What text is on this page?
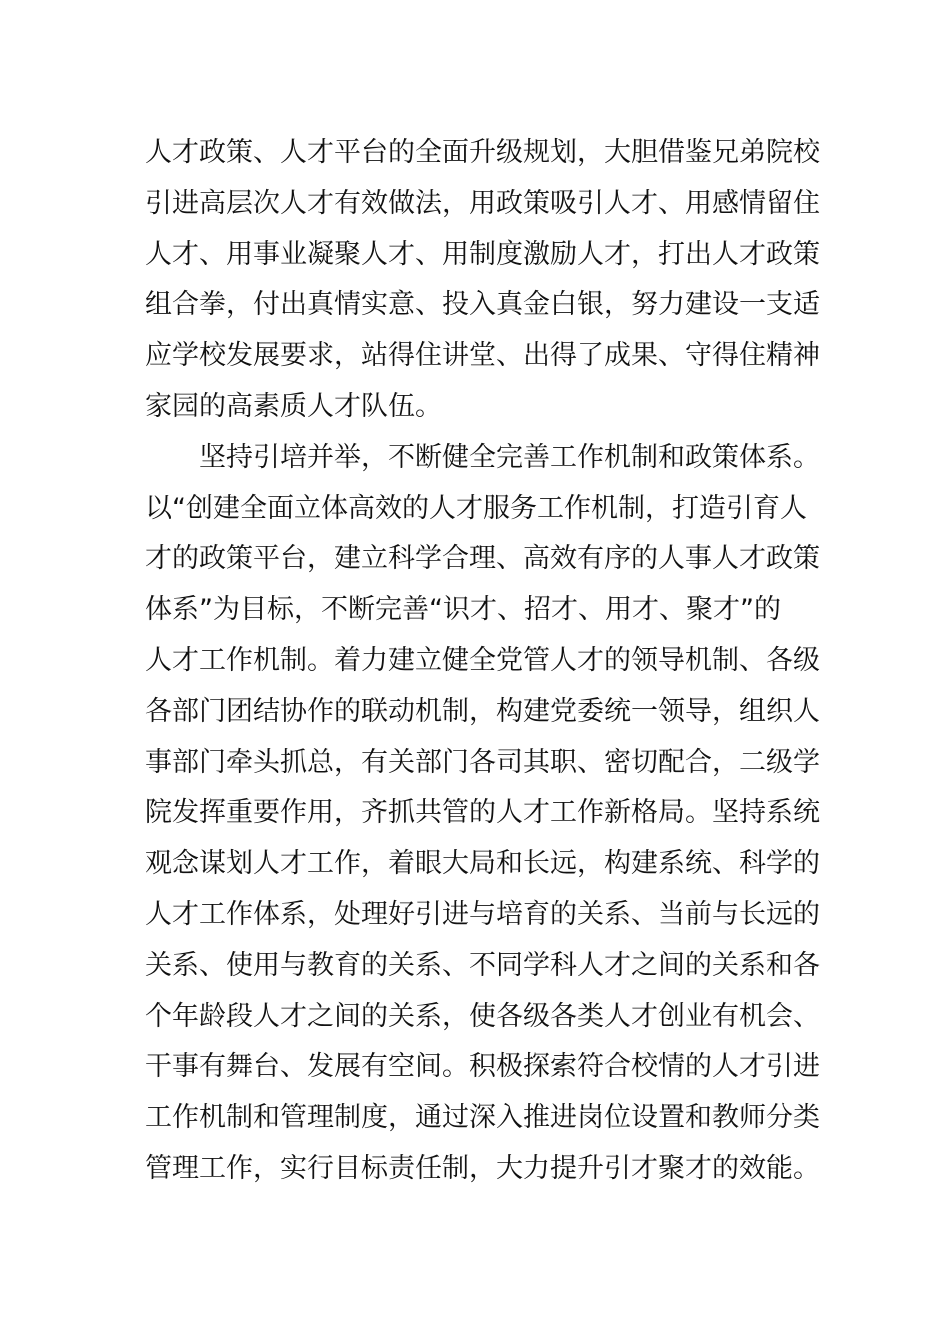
人才政策、人才平台的全面升级规划，大胆借鉴兄弟院校
引进高层次人才有效做法，用政策吸引人才、用感情留住
人才、用事业凝聚人才、用制度激励人才，打出人才政策
组合拳，付出真情实意、投入真金白银，努力建设一支适
应学校发展要求，站得住讲堂、出得了成果、守得住精神
家园的高素质人才队伍。
　　坚持引培并举，不断健全完善工作机制和政策体系。
以“创建全面立体高效的人才服务工作机制，打造引育人
才的政策平台，建立科学合理、高效有序的人事人才政策
体系”为目标，不断完善“识才、招才、用才、聚才”的
人才工作机制。着力建立健全党管人才的领导机制、各级
各部门团结协作的联动机制，构建党委统一领导，组织人
事部门牵头抓总，有关部门各司其职、密切配合，二级学
院发挥重要作用，齐抓共管的人才工作新格局。坚持系统
观念谋划人才工作，着眼大局和长远，构建系统、科学的
人才工作体系，处理好引进与培育的关系、当前与长远的
关系、使用与教育的关系、不同学科人才之间的关系和各
个年龄段人才之间的关系，使各级各类人才创业有机会、
干事有舞台、发展有空间。积极探索符合校情的人才引进
工作机制和管理制度，通过深入推进岗位设置和教师分类
管理工作，实行目标责任制，大力提升引才聚才的效能。
